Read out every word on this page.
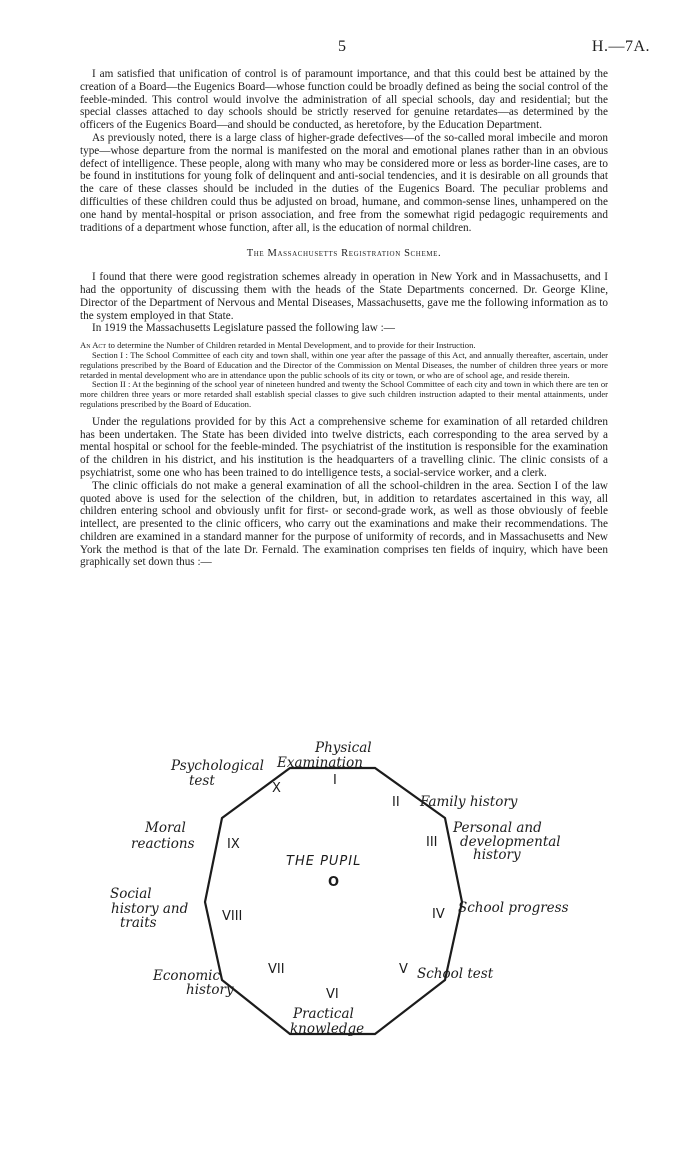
5	H.—7A.

I am satisfied that unification of control is of paramount importance, and that this could best be attained by the creation of a Board—the Eugenics Board—whose function could be broadly defined as being the social control of the feeble-minded. This control would involve the administration of all special schools, day and residential; but the special classes attached to day schools should be strictly reserved for genuine retardates—as determined by the officers of the Eugenics Board—and should be conducted, as heretofore, by the Education Department.

As previously noted, there is a large class of higher-grade defectives—of the so-called moral imbecile and moron type—whose departure from the normal is manifested on the moral and emotional planes rather than in an obvious defect of intelligence. These people, along with many who may be considered more or less as border-line cases, are to be found in institutions for young folk of delinquent and anti-social tendencies, and it is desirable on all grounds that the care of these classes should be included in the duties of the Eugenics Board. The peculiar problems and difficulties of these children could thus be adjusted on broad, humane, and common-sense lines, unhampered on the one hand by mental-hospital or prison association, and free from the somewhat rigid pedagogic requirements and traditions of a department whose function, after all, is the education of normal children.

The Massachusetts Registration Scheme.

I found that there were good registration schemes already in operation in New York and in Massachusetts, and I had the opportunity of discussing them with the heads of the State Departments concerned. Dr. George Kline, Director of the Department of Nervous and Mental Diseases, Massachusetts, gave me the following information as to the system employed in that State.

In 1919 the Massachusetts Legislature passed the following law :—

An Act to determine the Number of Children retarded in Mental Development, and to provide for their Instruction.

Section I : The School Committee of each city and town shall, within one year after the passage of this Act, and annually thereafter, ascertain, under regulations prescribed by the Board of Education and the Director of the Commission on Mental Diseases, the number of children three years or more retarded in mental development who are in attendance upon the public schools of its city or town, or who are of school age, and reside therein.

Section II : At the beginning of the school year of nineteen hundred and twenty the School Committee of each city and town in which there are ten or more children three years or more retarded shall establish special classes to give such children instruction adapted to their mental attainments, under regulations prescribed by the Board of Education.

Under the regulations provided for by this Act a comprehensive scheme for examination of all retarded children has been undertaken. The State has been divided into twelve districts, each corresponding to the area served by a mental hospital or school for the feeble-minded. The psychiatrist of the institution is responsible for the examination of the children in his district, and his institution is the headquarters of a travelling clinic. The clinic consists of a psychiatrist, some one who has been trained to do intelligence tests, a social-service worker, and a clerk.

The clinic officials do not make a general examination of all the school-children in the area. Section I of the law quoted above is used for the selection of the children, but, in addition to retardates ascertained in this way, all children entering school and obviously unfit for first- or second-grade work, as well as those obviously of feeble intellect, are presented to the clinic officers, who carry out the examinations and make their recommendations. The children are examined in a standard manner for the purpose of uniformity of records, and in Massachusetts and New York the method is that of the late Dr. Fernald. The examination comprises ten fields of inquiry, which have been graphically set down thus :—

I
II
III
IV
V
VI
VII
VIII
IX
X
THE PUPIL
O
Physical
Examination
Family history
Personal and
developmental
history
School progress
School test
Practical
knowledge
Economic
history
Social
history and
traits
Moral
reactions
Psychological
test
